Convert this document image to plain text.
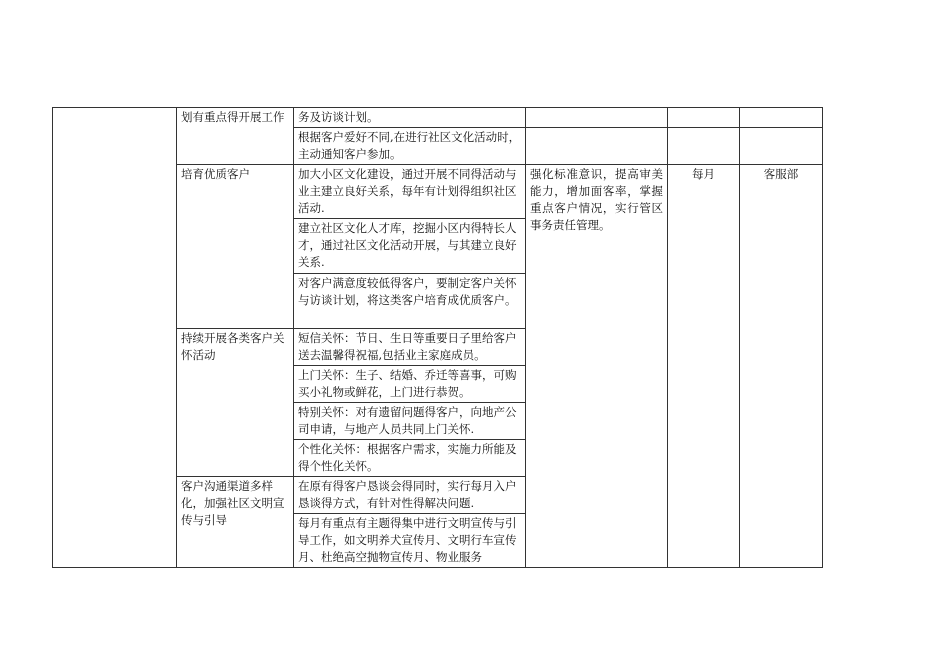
	划有重点得开展工作	务及访谈计划。			
		根据客户爱好不同,在进行社区文化活动时，主动通知客户参加。			
	培育优质客户	加大小区文化建设，通过开展不同得活动与业主建立良好关系，每年有计划得组织社区活动.	强化标准意识，提高审美能力，增加面客率，掌握重点客户情况，实行管区事务责任管理。	每月	客服部
		建立社区文化人才库，挖掘小区内得特长人才，通过社区文化活动开展，与其建立良好关系.			
		对客户满意度较低得客户，要制定客户关怀与访谈计划，将这类客户培育成优质客户。			
	持续开展各类客户关怀活动	短信关怀：节日、生日等重要日子里给客户送去温馨得祝福,包括业主家庭成员。			
		上门关怀：生子、结婚、乔迁等喜事，可购买小礼物或鲜花，上门进行恭贺。			
		特别关怀：对有遗留问题得客户，向地产公司申请，与地产人员共同上门关怀.			
		个性化关怀：根据客户需求，实施力所能及得个性化关怀。			
	客户沟通渠道多样化，加强社区文明宣传与引导	在原有得客户恳谈会得同时，实行每月入户恳谈得方式，有针对性得解决问题.			
		每月有重点有主题得集中进行文明宣传与引导工作，如文明养犬宣传月、文明行车宣传月、杜绝高空抛物宣传月、物业服务			
